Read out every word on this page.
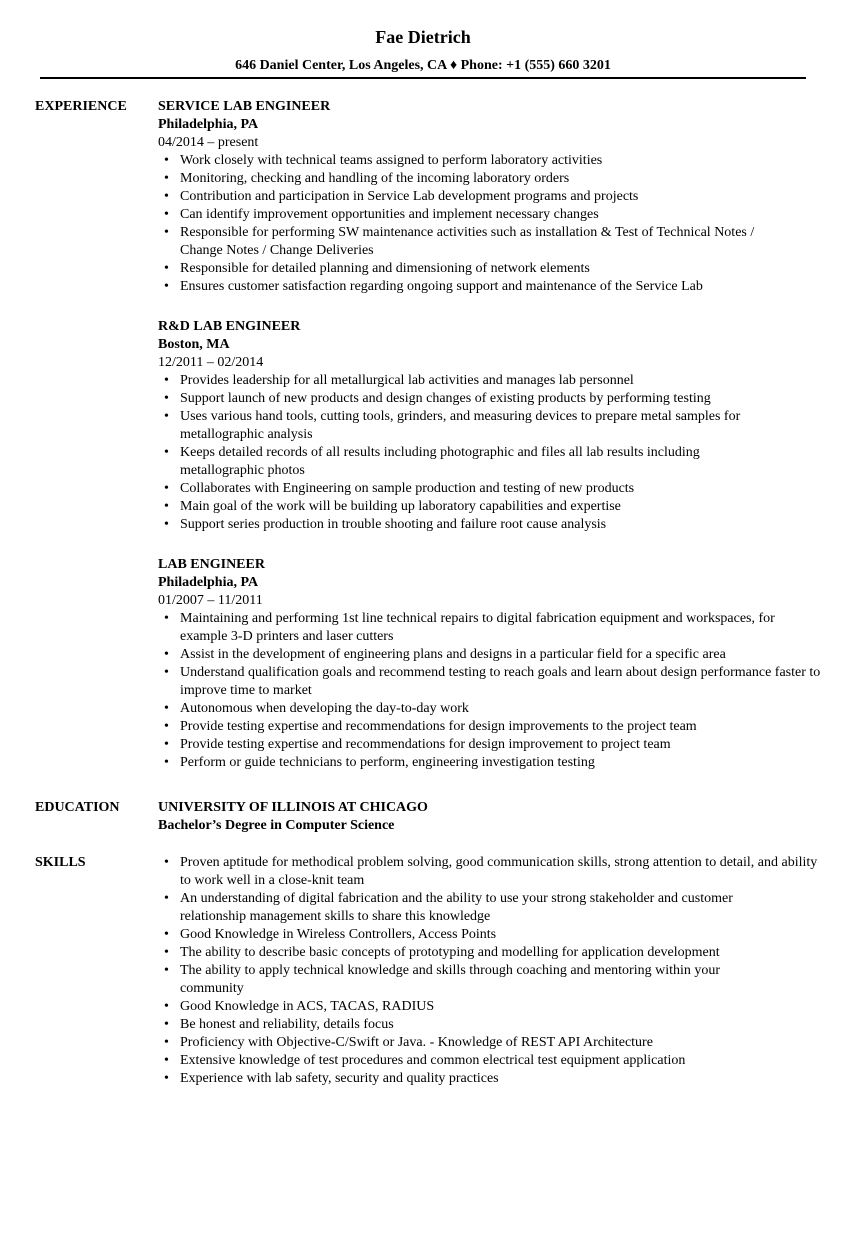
Fae Dietrich
646 Daniel Center, Los Angeles, CA ♦ Phone: +1 (555) 660 3201
EXPERIENCE SERVICE LAB ENGINEER
Philadelphia, PA
04/2014 – present
• Work closely with technical teams assigned to perform laboratory activities
• Monitoring, checking and handling of the incoming laboratory orders
• Contribution and participation in Service Lab development programs and projects
• Can identify improvement opportunities and implement necessary changes
• Responsible for performing SW maintenance activities such as installation & Test of Technical Notes / Change Notes / Change Deliveries
• Responsible for detailed planning and dimensioning of network elements
• Ensures customer satisfaction regarding ongoing support and maintenance of the Service Lab
R&D LAB ENGINEER
Boston, MA
12/2011 – 02/2014
• Provides leadership for all metallurgical lab activities and manages lab personnel
• Support launch of new products and design changes of existing products by performing testing
• Uses various hand tools, cutting tools, grinders, and measuring devices to prepare metal samples for metallographic analysis
• Keeps detailed records of all results including photographic and files all lab results including metallographic photos
• Collaborates with Engineering on sample production and testing of new products
• Main goal of the work will be building up laboratory capabilities and expertise
• Support series production in trouble shooting and failure root cause analysis
LAB ENGINEER
Philadelphia, PA
01/2007 – 11/2011
• Maintaining and performing 1st line technical repairs to digital fabrication equipment and workspaces, for example 3-D printers and laser cutters
• Assist in the development of engineering plans and designs in a particular field for a specific area
• Understand qualification goals and recommend testing to reach goals and learn about design performance faster to improve time to market
• Autonomous when developing the day-to-day work
• Provide testing expertise and recommendations for design improvements to the project team
• Provide testing expertise and recommendations for design improvement to project team
• Perform or guide technicians to perform, engineering investigation testing
EDUCATION	UNIVERSITY OF ILLINOIS AT CHICAGO
Bachelor’s Degree in Computer Science
SKILLS
•	Proven aptitude for methodical problem solving, good communication skills, strong attention to detail, and ability to work well in a close-knit team
• An understanding of digital fabrication and the ability to use your strong stakeholder and customer relationship management skills to share this knowledge
• Good Knowledge in Wireless Controllers, Access Points
• The ability to describe basic concepts of prototyping and modelling for application development
• The ability to apply technical knowledge and skills through coaching and mentoring within your community
• Good Knowledge in ACS, TACAS, RADIUS
• Be honest and reliability, details focus
• Proficiency with Objective-C/Swift or Java. - Knowledge of REST API Architecture
• Extensive knowledge of test procedures and common electrical test equipment application
• Experience with lab safety, security and quality practices
